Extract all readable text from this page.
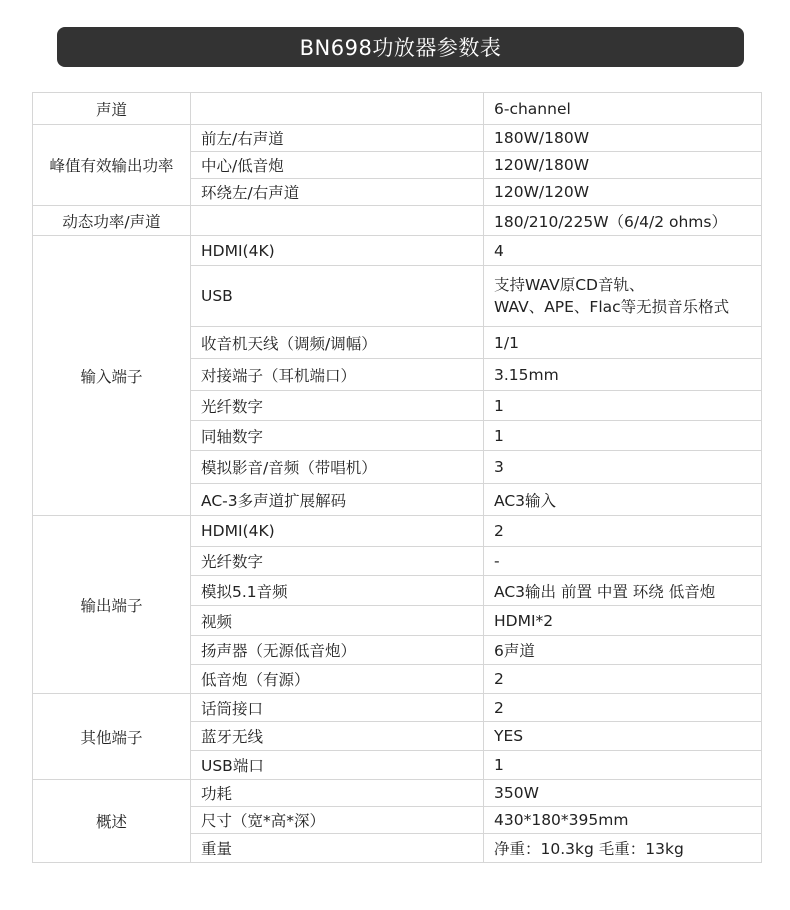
BN698功放器参数表
声道		6-channel
峰值有效输出功率	前左/右声道	180W/180W
	中心/低音炮	120W/180W
	环绕左/右声道	120W/120W
动态功率/声道		180/210/225W（6/4/2 ohms）
输入端子	HDMI(4K)	4
	USB	支持WAV原CD音轨、
WAV、APE、Flac等无损音乐格式

	收音机天线（调频/调幅）	1/1
	对接端子（耳机端口）	3.15mm
	光纤数字	1
	同轴数字	1
	模拟影音/音频（带唱机）	3
	AC-3多声道扩展解码	AC3输入
输出端子	HDMI(4K)	2
	光纤数字	-
	模拟5.1音频	AC3输出 前置 中置 环绕 低音炮
	视频	HDMI*2
	扬声器（无源低音炮）	6声道
	低音炮（有源）	2
其他端子	话筒接口	2
	蓝牙无线	YES
	USB端口	1
概述	功耗	350W
	尺寸（宽*高*深）	430*180*395mm
	重量	净重：10.3kg 毛重：13kg
